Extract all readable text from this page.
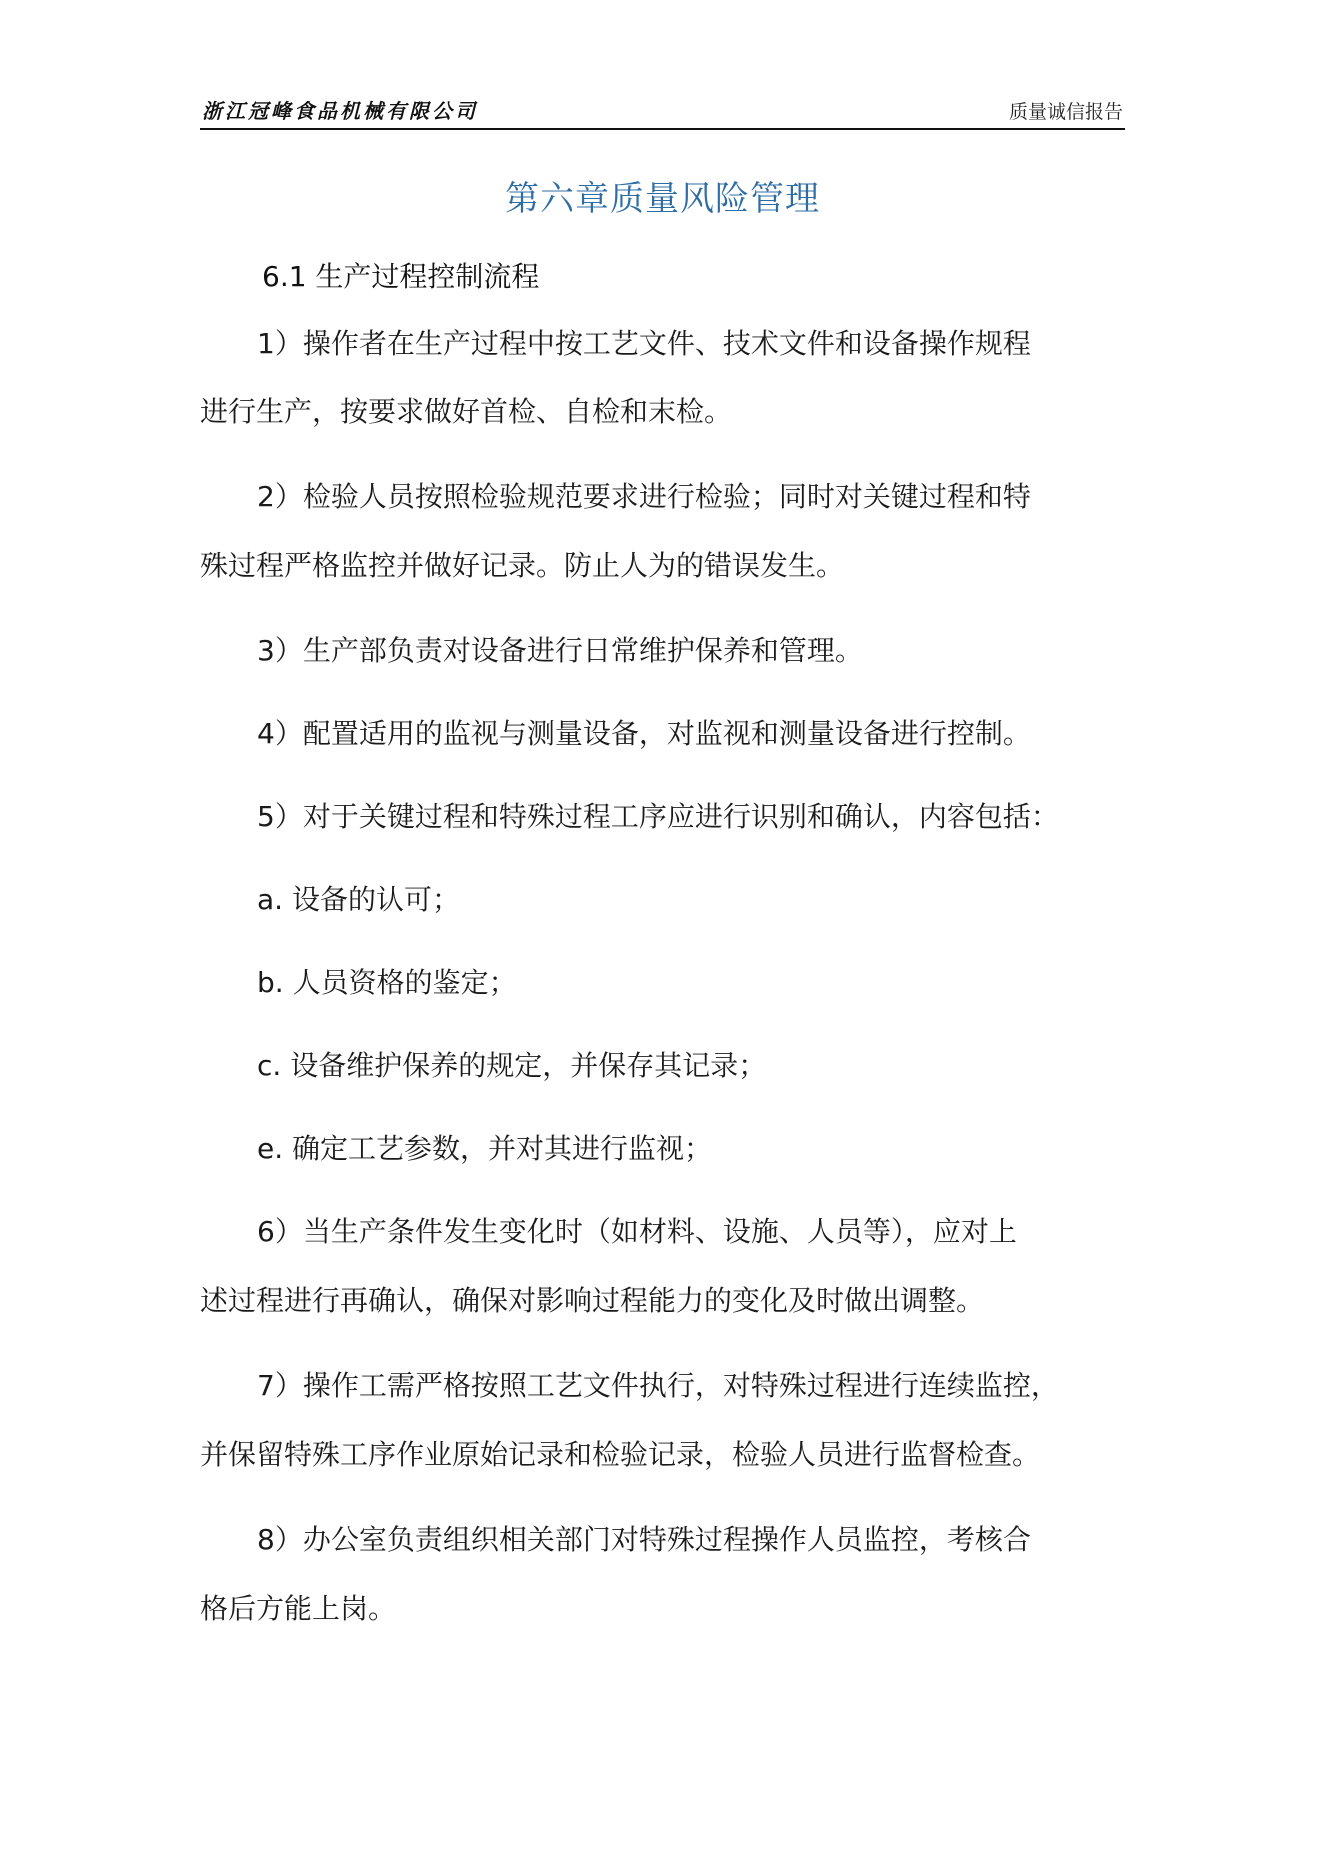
浙江冠峰食品机械有限公司	质量诚信报告
第六章质量风险管理
6.1 生产过程控制流程
1）操作者在生产过程中按工艺文件、技术文件和设备操作规程
进行生产，按要求做好首检、自检和末检。
2）检验人员按照检验规范要求进行检验；同时对关键过程和特
殊过程严格监控并做好记录。防止人为的错误发生。
3）生产部负责对设备进行日常维护保养和管理。
4）配置适用的监视与测量设备，对监视和测量设备进行控制。
5）对于关键过程和特殊过程工序应进行识别和确认，内容包括：
a. 设备的认可；
b. 人员资格的鉴定；
c. 设备维护保养的规定，并保存其记录；
e. 确定工艺参数，并对其进行监视；
6）当生产条件发生变化时（如材料、设施、人员等），应对上
述过程进行再确认，确保对影响过程能力的变化及时做出调整。
7）操作工需严格按照工艺文件执行，对特殊过程进行连续监控，
并保留特殊工序作业原始记录和检验记录，检验人员进行监督检查。
8）办公室负责组织相关部门对特殊过程操作人员监控，考核合
格后方能上岗。
